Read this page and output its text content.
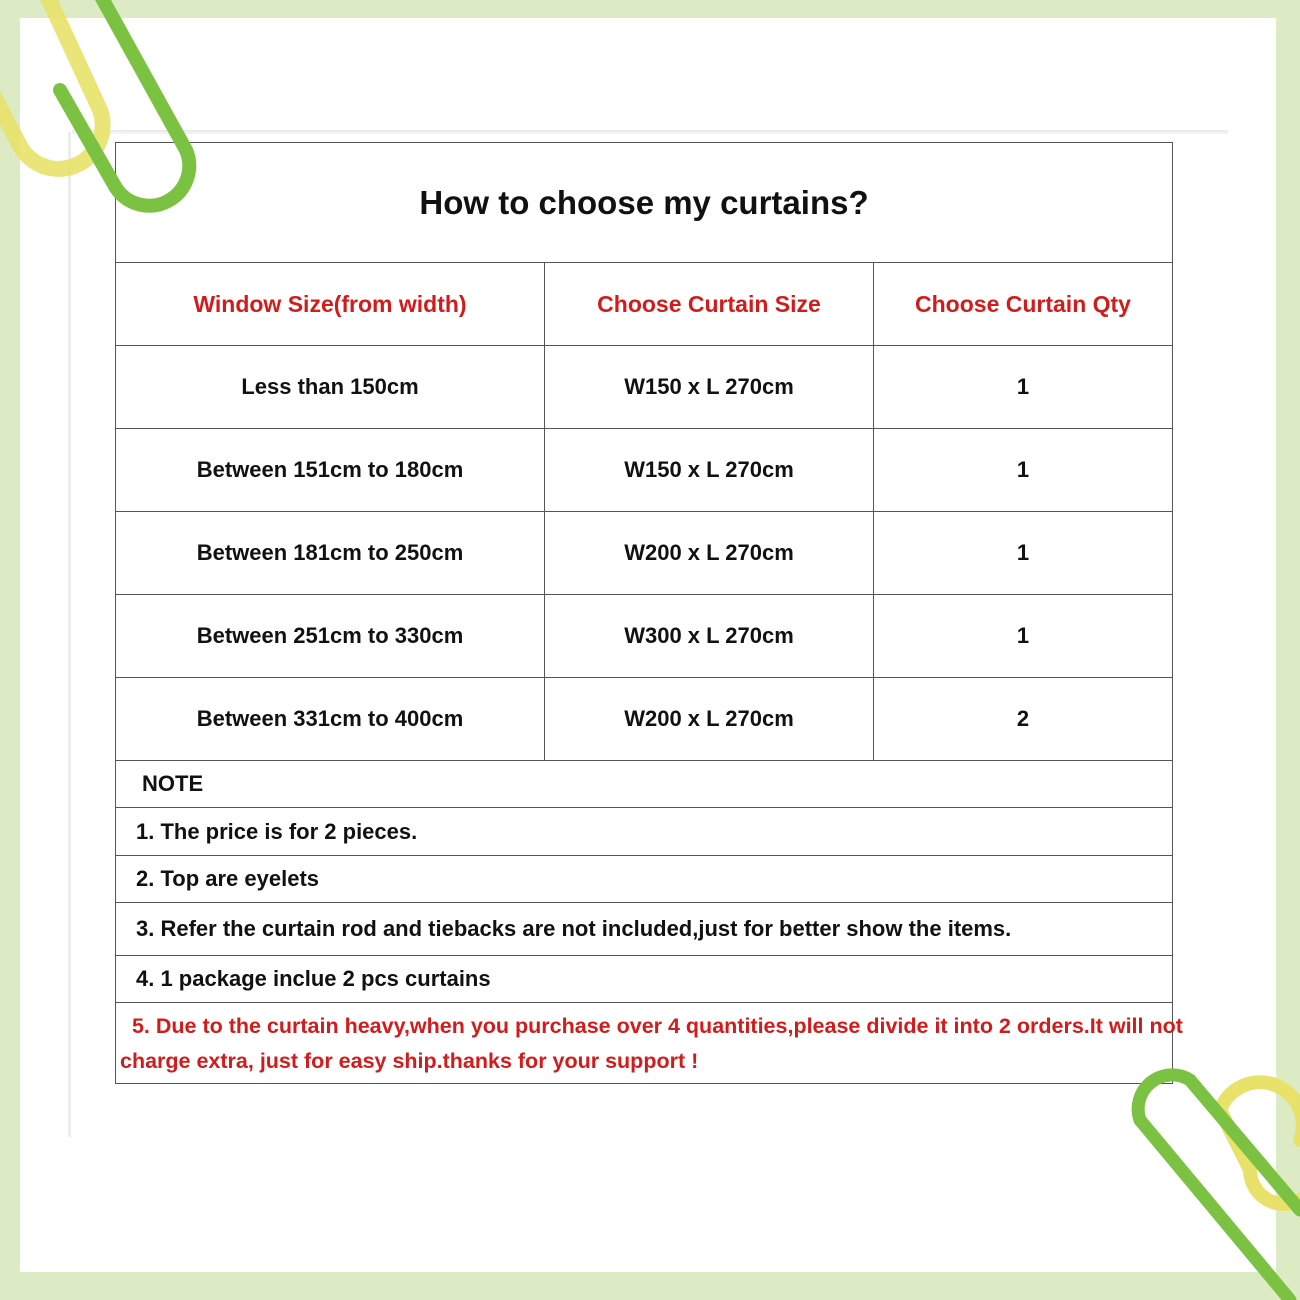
How to choose my curtains?
Window Size(from width)	Choose Curtain Size	Choose Curtain Qty
Less than 150cm	W150 x L 270cm	1
Between 151cm to 180cm	W150 x L 270cm	1
Between 181cm to 250cm	W200 x L 270cm	1
Between 251cm to 330cm	W300 x L 270cm	1
Between 331cm to 400cm	W200 x L 270cm	2
NOTE
1. The price is for 2 pieces.
2. Top are eyelets
3. Refer the curtain rod and tiebacks are not included,just for better show the items.
4. 1 package inclue 2 pcs curtains
5. Due to the curtain heavy,when you purchase over 4 quantities,please divide it into 2 orders.It will not
charge extra, just for easy ship.thanks for your support !
